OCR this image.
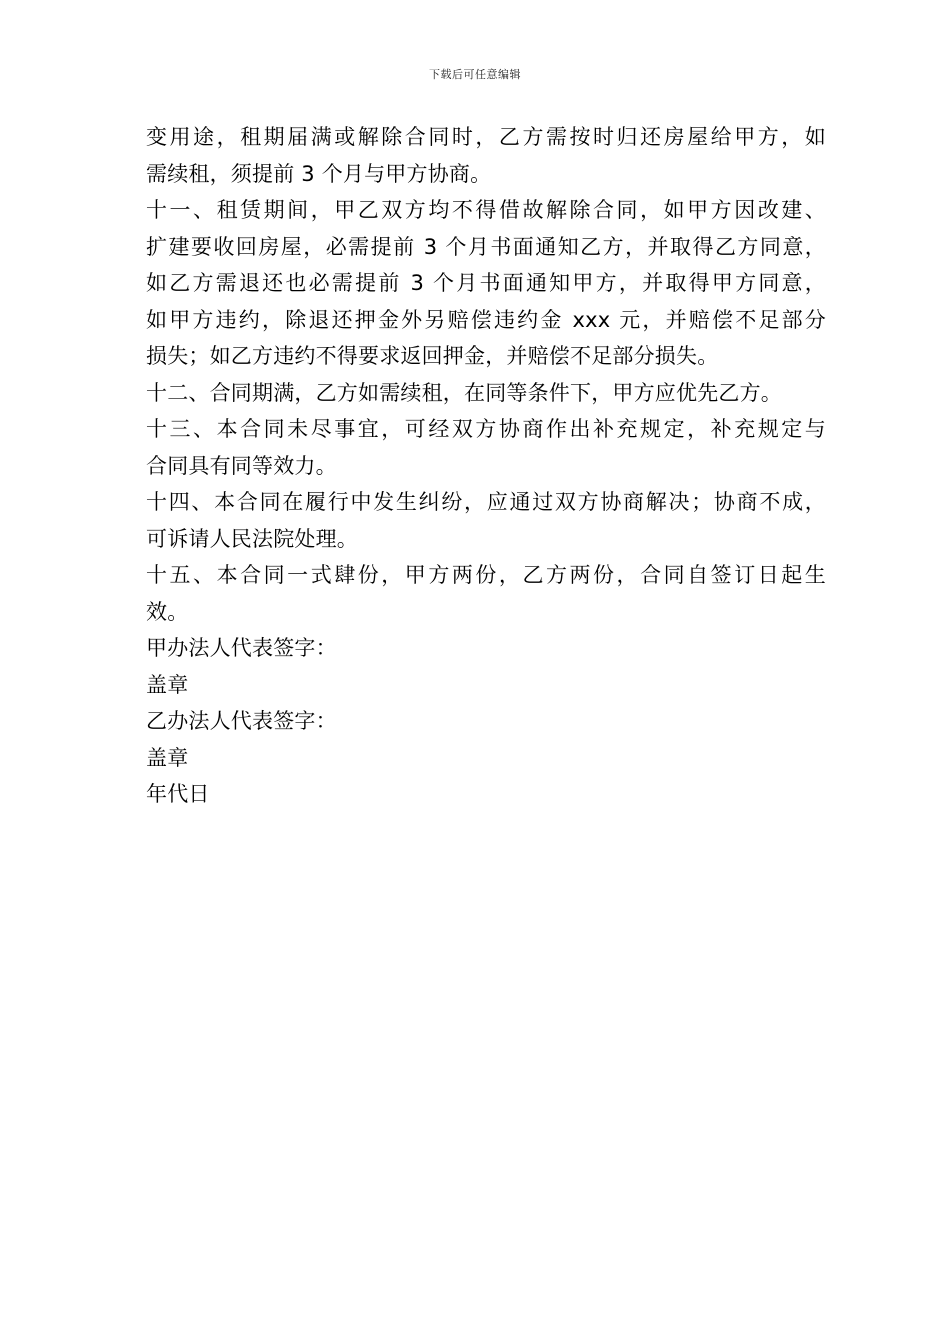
下载后可任意编辑
变用途，租期届满或解除合同时，乙方需按时归还房屋给甲方，如
需续租，须提前 3 个月与甲方协商。
十一、租赁期间，甲乙双方均不得借故解除合同，如甲方因改建、
扩建要收回房屋，必需提前 3 个月书面通知乙方，并取得乙方同意，
如乙方需退还也必需提前 3 个月书面通知甲方，并取得甲方同意，
如甲方违约，除退还押金外另赔偿违约金 xxx 元，并赔偿不足部分
损失；如乙方违约不得要求返回押金，并赔偿不足部分损失。
十二、合同期满，乙方如需续租，在同等条件下，甲方应优先乙方。
十三、本合同未尽事宜，可经双方协商作出补充规定，补充规定与
合同具有同等效力。
十四、本合同在履行中发生纠纷，应通过双方协商解决；协商不成，
可诉请人民法院处理。
十五、本合同一式肆份，甲方两份，乙方两份，合同自签订日起生
效。
甲办法人代表签字：
盖章
乙办法人代表签字：
盖章
年代日
